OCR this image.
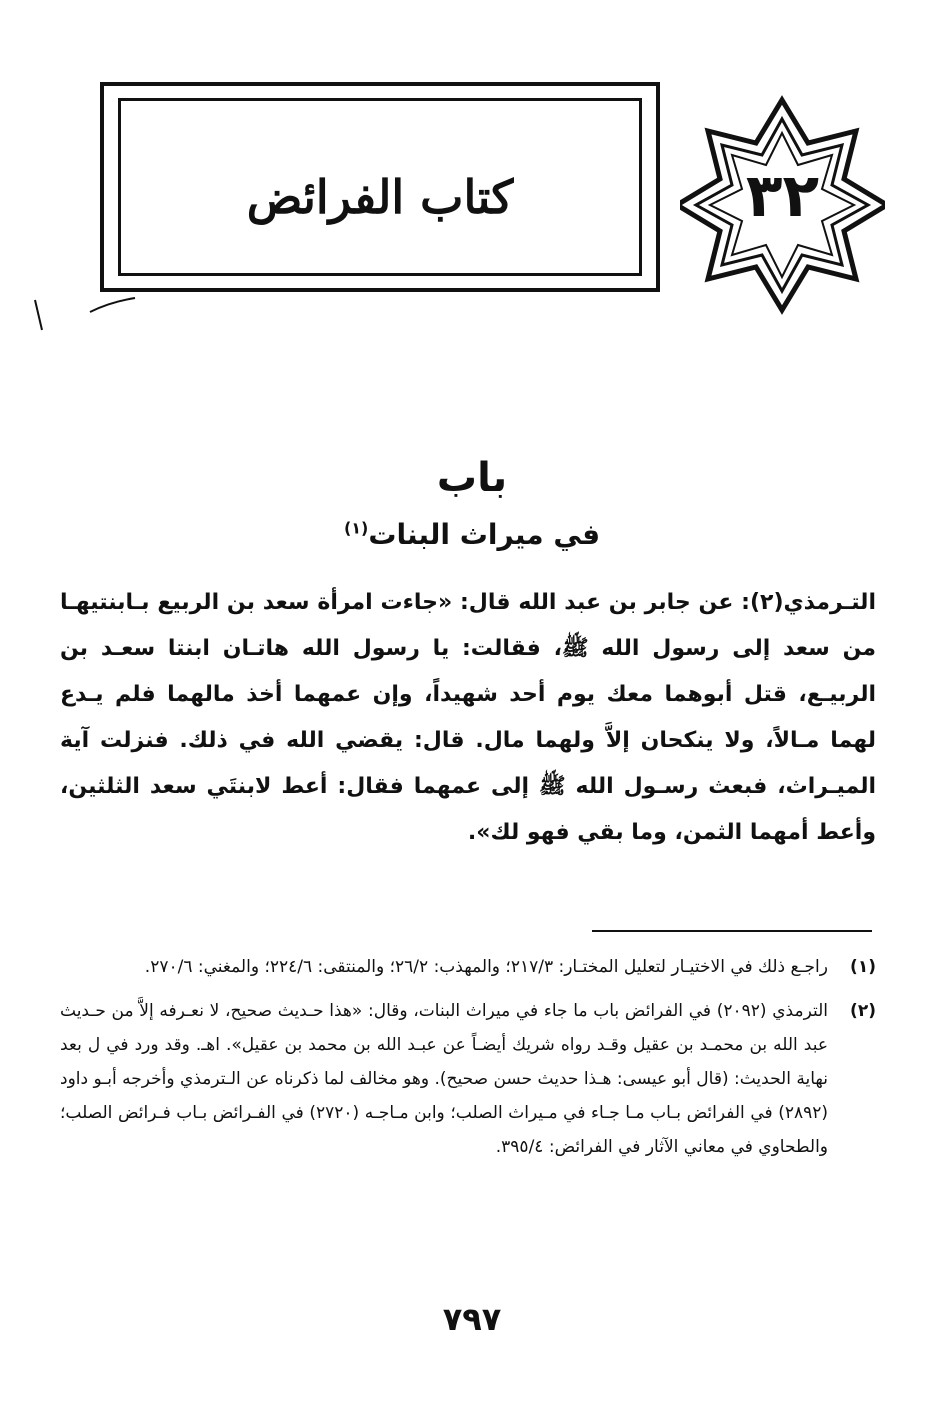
كتاب الفرائض	٣٢
باب
في ميراث البنات$^{(١)}$

التـرمذي(٢): عن جابر بن عبد الله قال: «جاءت امرأة سعد بن الربيع بـابنتيهـا من سعد إلى رسول الله ﷺ، فقالت: يا رسول الله هاتـان ابنتا سعـد بن الربيـع، قتل أبوهما معك يوم أحد شهيداً، وإن عمهما أخذ مالهما فلم يـدع لهما مـالاً، ولا ينكحان إلاَّ ولهما مال. قال: يقضي الله في ذلك. فنزلت آية الميـراث، فبعث رسـول الله ﷺ إلى عمهما فقال: أعط لابنتَي سعد الثلثين، وأعط أمهما الثمن، وما بقي فهو لك».

(١)
راجـع ذلك في الاختيـار لتعليل المختـار: ٢١٧/٣؛ والمهذب: ٢٦/٢؛ والمنتقى: ٢٢٤/٦؛ والمغني: ٢٧٠/٦.
(٢)
الترمذي (٢٠٩٢) في الفرائض باب ما جاء في ميراث البنات، وقال: «هذا حـديث صحيح، لا نعـرفه إلاَّ من حـديث عبد الله بن محمـد بن عقيل وقـد رواه شريك أيضـاً عن عبـد الله بن محمد بن عقيل». اهـ. وقد ورد في ل بعد نهاية الحديث: (قال أبو عيسى: هـذا حديث حسن صحيح). وهو مخالف لما ذكرناه عن الـترمذي وأخرجه أبـو داود (٢٨٩٢) في الفرائض بـاب مـا جـاء في مـيراث الصلب؛ وابن مـاجـه (٢٧٢٠) في الفـرائض بـاب فـرائض الصلب؛ والطحاوي في معاني الآثار في الفرائض: ٣٩٥/٤.
٧٩٧
